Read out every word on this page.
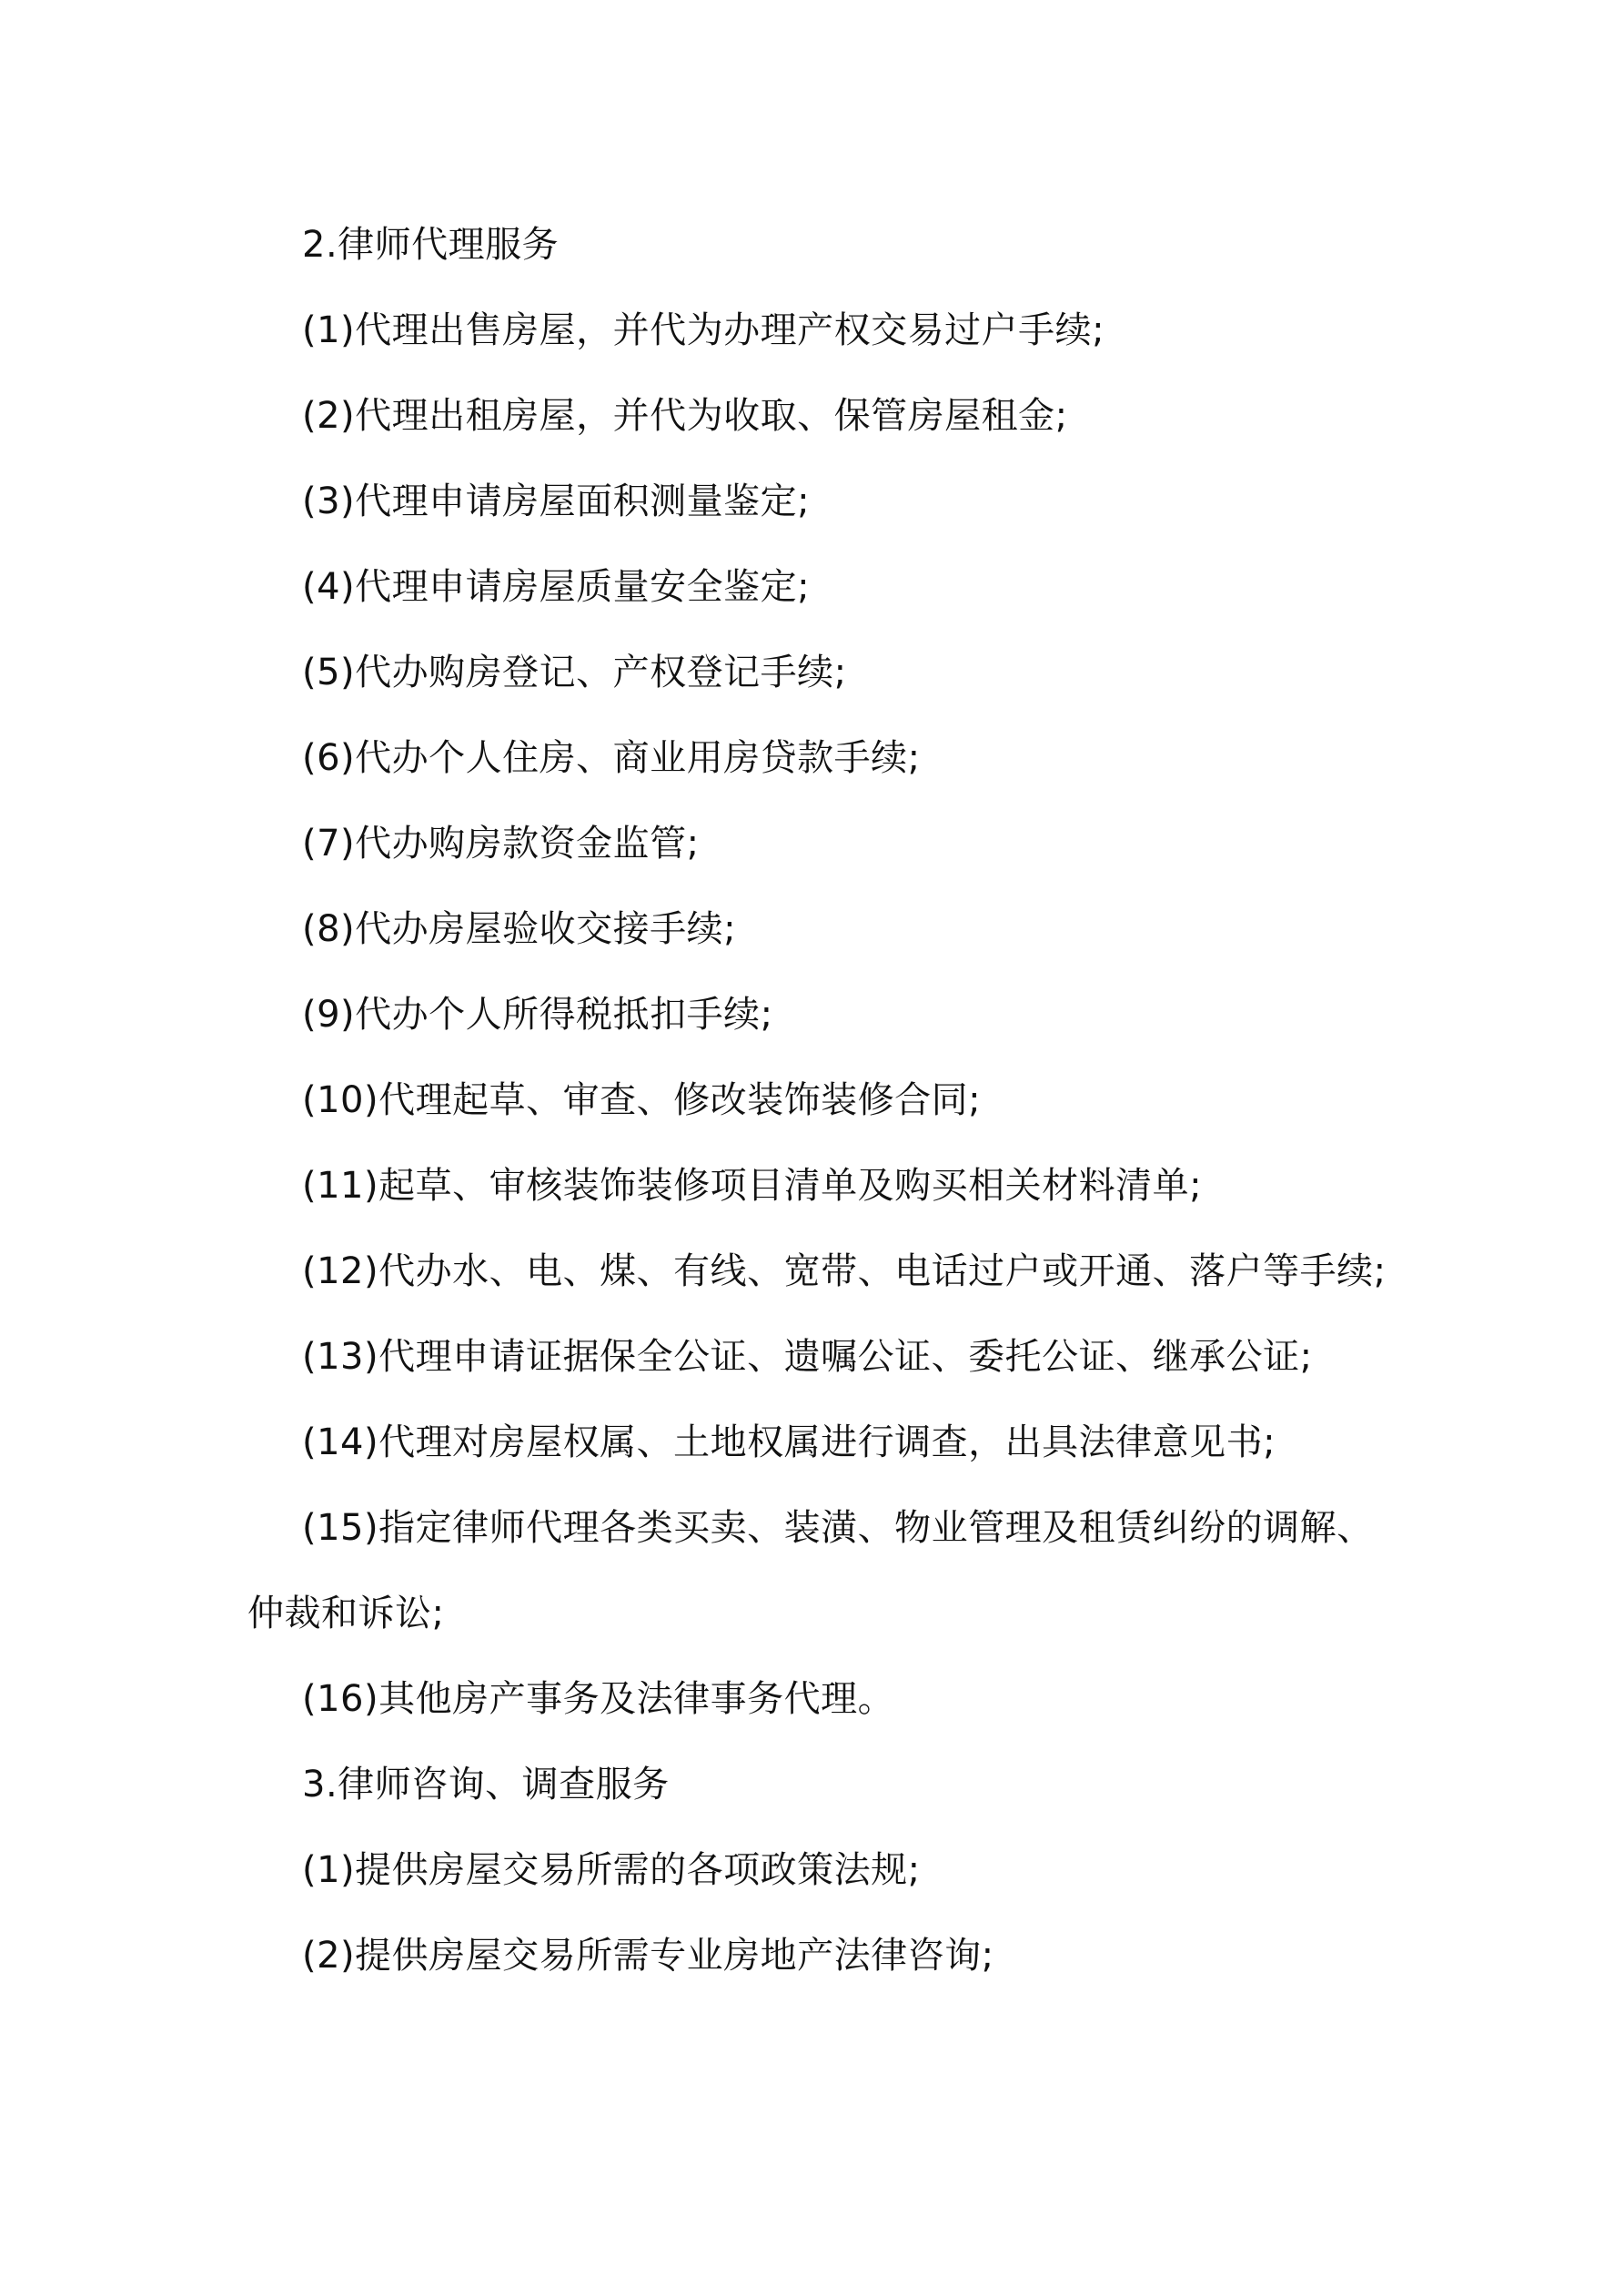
2.律师代理服务

(1)代理出售房屋，并代为办理产权交易过户手续;

(2)代理出租房屋，并代为收取、保管房屋租金;

(3)代理申请房屋面积测量鉴定;

(4)代理申请房屋质量安全鉴定;

(5)代办购房登记、产权登记手续;

(6)代办个人住房、商业用房贷款手续;

(7)代办购房款资金监管;

(8)代办房屋验收交接手续;

(9)代办个人所得税抵扣手续;

(10)代理起草、审查、修改装饰装修合同;

(11)起草、审核装饰装修项目清单及购买相关材料清单;

(12)代办水、电、煤、有线、宽带、电话过户或开通、落户等手续;

(13)代理申请证据保全公证、遗嘱公证、委托公证、继承公证;

(14)代理对房屋权属、土地权属进行调查，出具法律意见书;

(15)指定律师代理各类买卖、装潢、物业管理及租赁纠纷的调解、仲裁和诉讼;

(16)其他房产事务及法律事务代理。

3.律师咨询、调查服务

(1)提供房屋交易所需的各项政策法规;

(2)提供房屋交易所需专业房地产法律咨询;
